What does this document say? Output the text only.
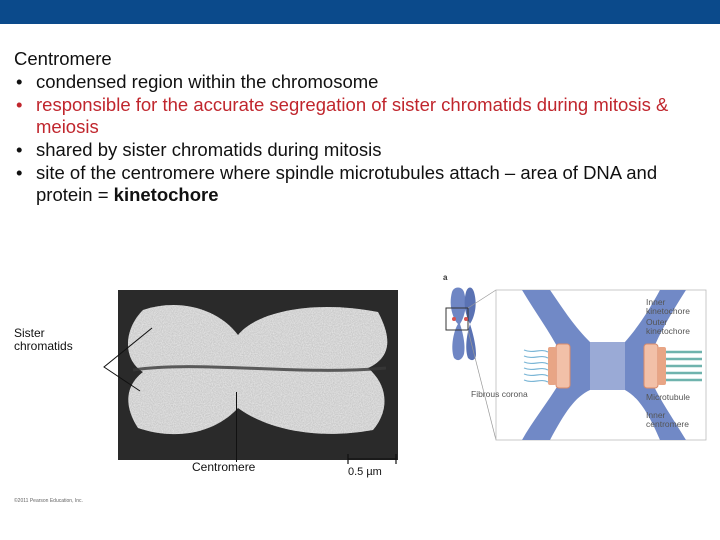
Centromere
• condensed region within the chromosome
• responsible for the accurate segregation of sister chromatids during mitosis & meiosis
• shared by sister chromatids during mitosis
• site of the centromere where spindle microtubules attach – area of DNA and protein = kinetochore
Sister chromatids
Centromere	0.5 µm
©2011 Pearson Education, Inc.
a
Inner kinetochore
Outer kinetochore
Fibrous corona	Microtubule
Inner centromere
